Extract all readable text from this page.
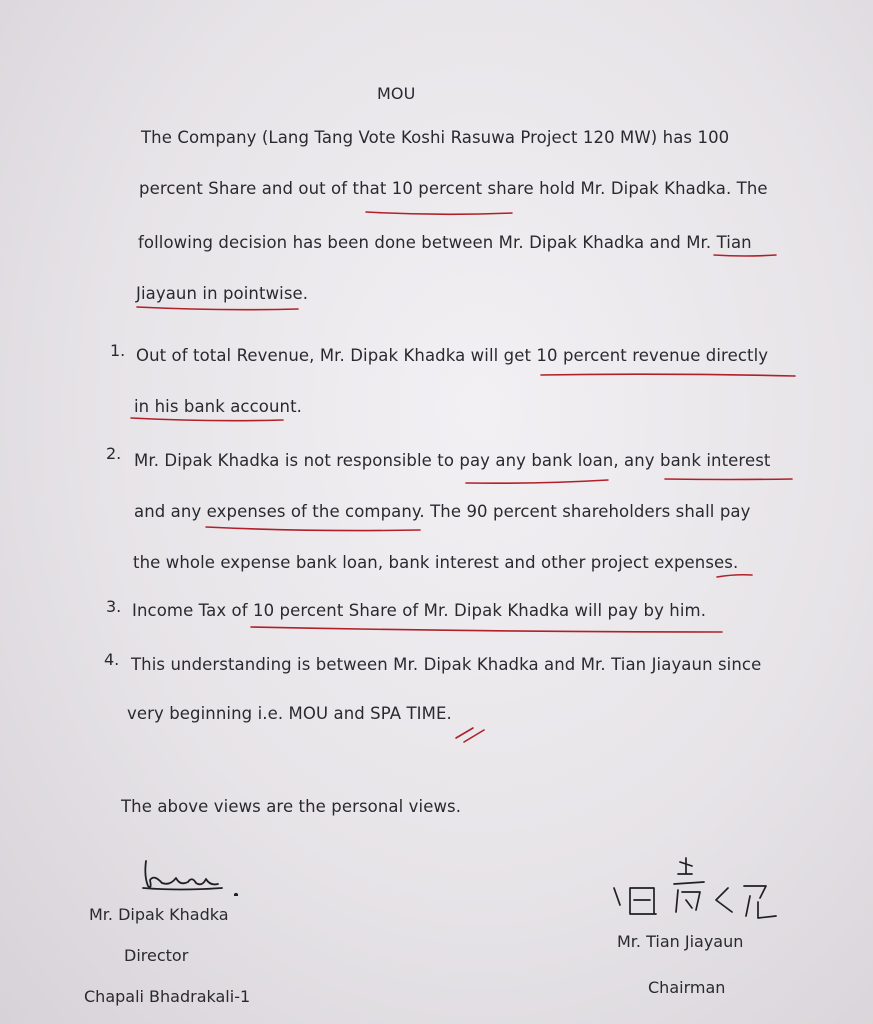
MOU
The Company (Lang Tang Vote Koshi Rasuwa Project 120 MW) has 100
percent Share and out of that 10 percent share hold Mr. Dipak Khadka. The
following decision has been done between Mr. Dipak Khadka and Mr. Tian
Jiayaun in pointwise.
1. Out of total Revenue, Mr. Dipak Khadka will get 10 percent revenue directly
in his bank account.
2. Mr. Dipak Khadka is not responsible to pay any bank loan, any bank interest
and any expenses of the company. The 90 percent shareholders shall pay
the whole expense bank loan, bank interest and other project expenses.
3. Income Tax of 10 percent Share of Mr. Dipak Khadka will pay by him.
4. This understanding is between Mr. Dipak Khadka and Mr. Tian Jiayaun since
very beginning i.e. MOU and SPA TIME.
The above views are the personal views.
Mr. Dipak Khadka
Director
Chapali Bhadrakali-1
Mr. Tian Jiayaun
Chairman
